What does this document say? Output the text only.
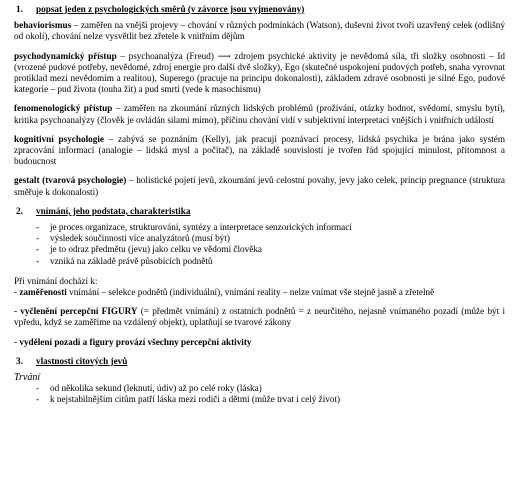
1. popsat jeden z psychologických směrů (v závorce jsou vyjmenovány)

behaviorismus – zaměřen na vnější projevy – chování v různých podmínkách (Watson), duševní život tvoří uzavřený celek (odlišný od okolí), chování nelze vysvětlit bez zřetele k vnitřním dějům

psychodynamický přístup – psychoanalýza (Freud) ⟶ zdrojem psychické aktivity je nevědomá síla, tři složky osobnosti – Id (vrozené pudové potřeby, nevědomé, zdroj energie pro další dvě složky), Ego (skutečné uspokojení pudových potřeb, snaha vyrovnat protiklad mezi nevědomím a realitou), Superego (pracuje na principu dokonalosti), základem zdravé osobnosti je silné Ego, pudové kategorie – pud života (touha žít) a pud smrti (vede k masochismu)

fenomenologický přístup – zaměřen na zkoumání různých lidských problémů (prožívání, otázky hodnot, svědomí, smyslu bytí), kritika psychoanalýzy (člověk je ovládán silami mimo), příčinu chování vidí v subjektivní interpretaci vnějších i vnitřních událostí

kognitivní psychologie – zabývá se poznáním (Kelly), jak pracují poznávací procesy, lidská psychika je brána jako systém zpracování informací (analogie – lidská mysl a počítač), na základě souvislostí je tvořen řád spojující minulost, přítomnost a budoucnost

gestalt (tvarová psychologie) – holistické pojetí jevů, zkoumání jevů celostní povahy, jevy jako celek, princip pregnance (struktura směřuje k dokonalosti)

2. vnímání, jeho podstata, charakteristika
- je proces organizace, strukturování, syntézy a interpretace senzorických informací
- výsledek součinnosti více analyzátorů (musí být)
- je to odraz předmětu (jevu) jako celku ve vědomí člověka
- vzniká na základě právě působících podnětů

Při vnímání dochází k:

- zaměřenosti vnímání – selekce podnětů (individuální), vnímání reality – nelze vnímat vše stejně jasně a zřetelně

- vyčlenění percepční FIGURY (= předmět vnímání) z ostatních podnětů = z neurčitého, nejasně vnímaného pozadí (může být i vpředu, když se zaměříme na vzdálený objekt), uplatňují se tvarové zákony

- vydělení pozadí a figury provází všechny percepční aktivity

3. vlastnosti citových jevů
Trvání
- od několika sekund (leknutí, údiv) až po celé roky (láska)
- k nejstabilnějším citům patří láska mezi rodiči a dětmi (může trvat i celý život)
